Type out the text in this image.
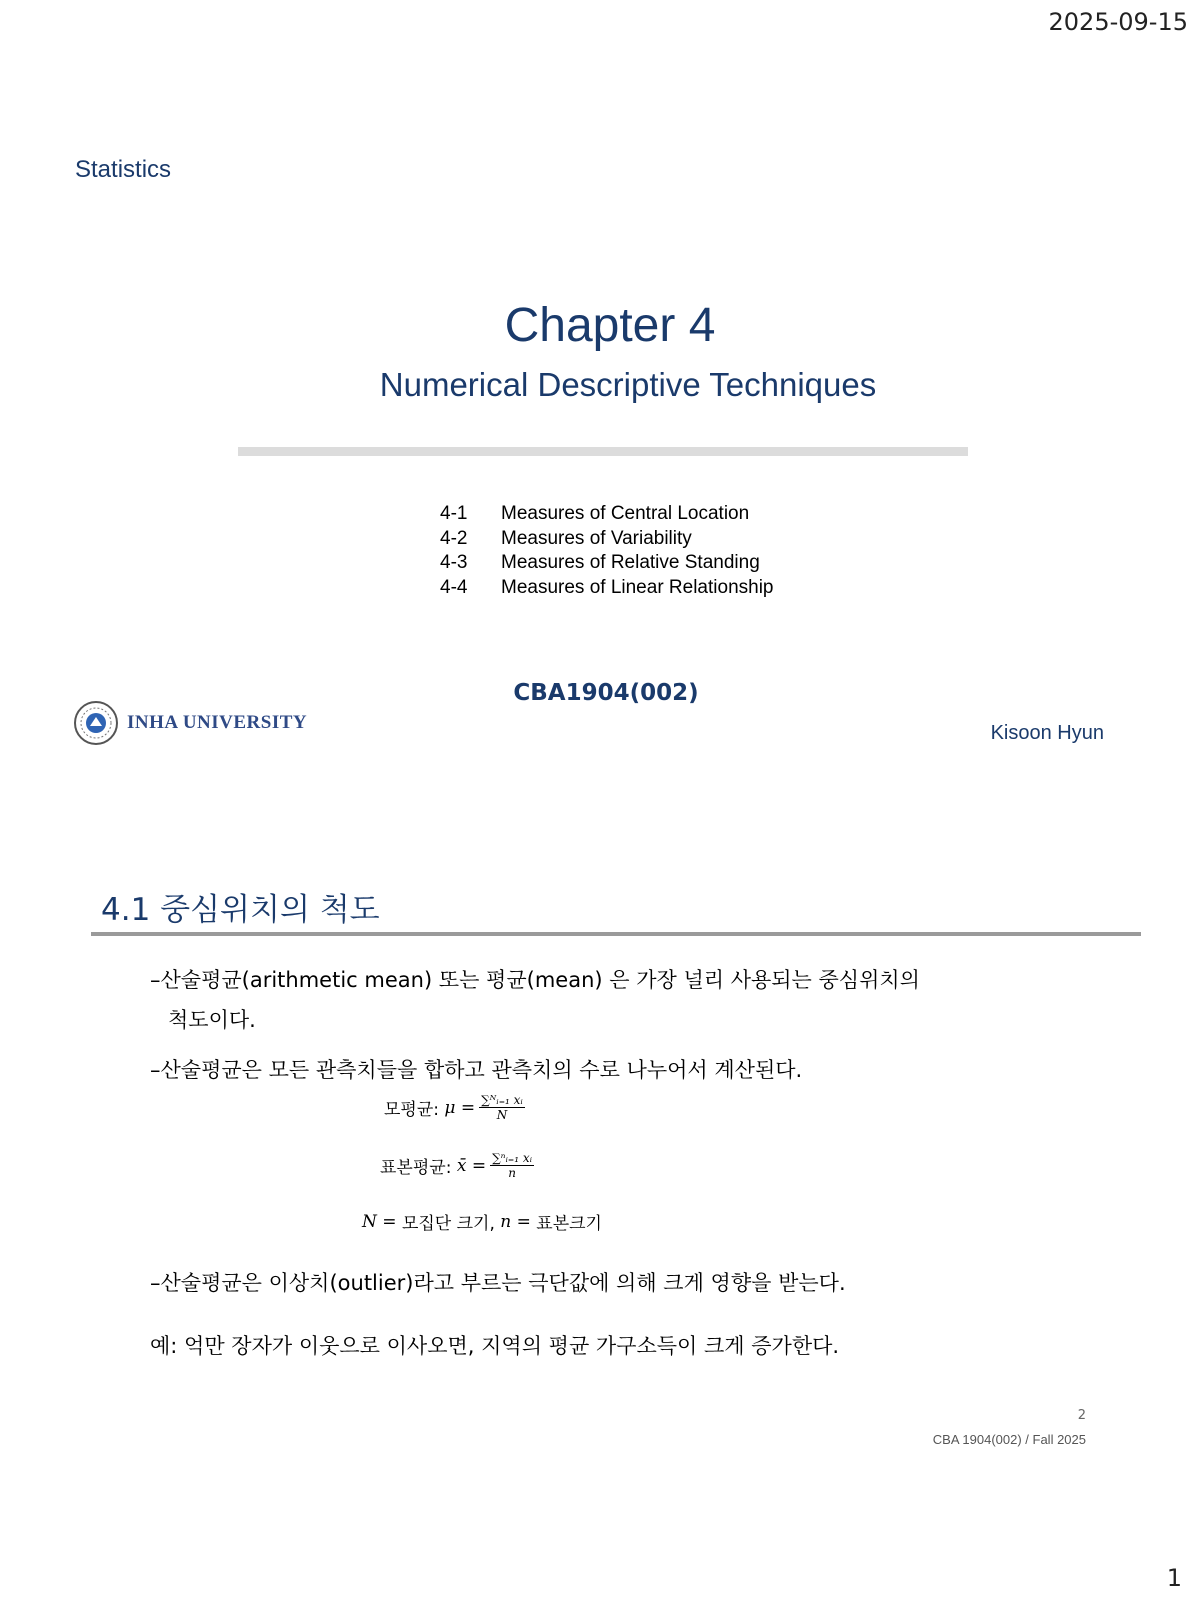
2025-09-15
Statistics
Chapter 4
Numerical Descriptive Techniques
4-1	Measures of Central Location
4-2	Measures of Variability
4-3	Measures of Relative Standing
4-4	Measures of Linear Relationship
CBA1904(002)
INHA UNIVERSITY	Kisoon Hyun
4.1 중심위치의 척도
–산술평균(arithmetic mean) 또는 평균(mean) 은 가장 널리 사용되는 중심위치의
척도이다.
–산술평균은 모든 관측치들을 합하고 관측치의 수로 나누어서 계산된다.
모평균:
$\mu = \frac{\text{∑ᴺᵢ₌₁ xᵢ}}{N}$
표본평균:
x̄ = $\frac{\text{∑ⁿᵢ₌₁ xᵢ}}{n}$
N =
모집단 크기,
n =
표본크기
–산술평균은 이상치(outlier)라고 부르는 극단값에 의해 크게 영향을 받는다.
예: 억만 장자가 이웃으로 이사오면, 지역의 평균 가구소득이 크게 증가한다.
2
CBA 1904(002) / Fall 2025
1
